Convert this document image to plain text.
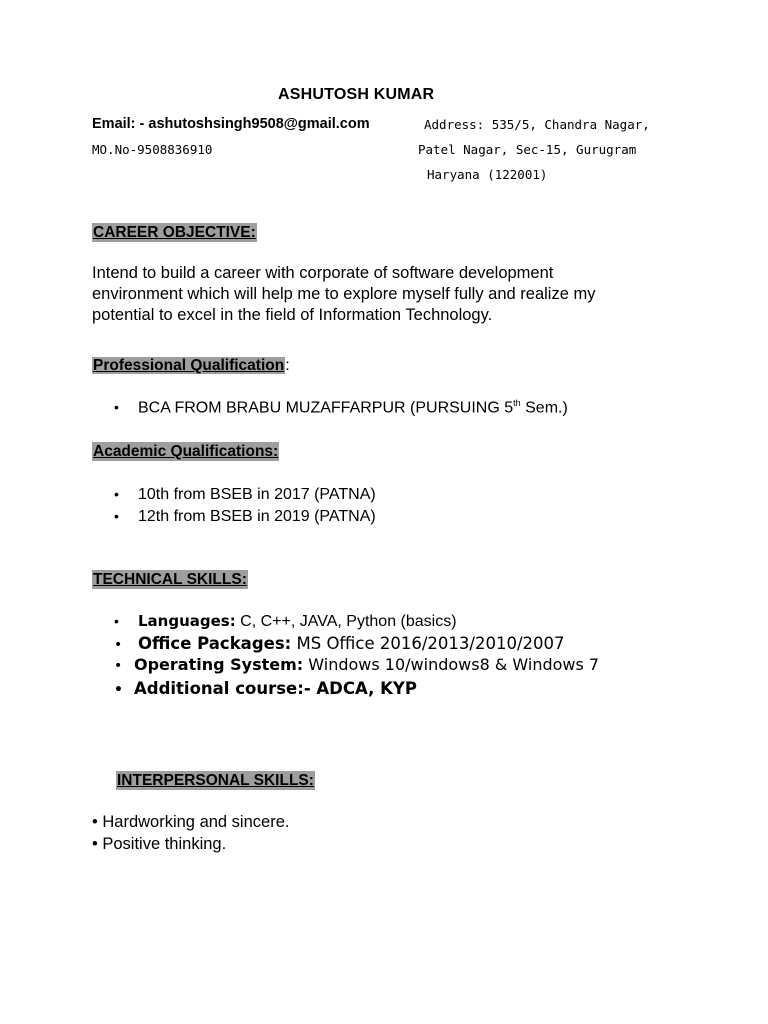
ASHUTOSH KUMAR
Email: - ashutoshsingh9508@gmail.com
MO.No-9508836910
Address: 535/5, Chandra Nagar,
Patel Nagar, Sec-15, Gurugram
Haryana (122001)
CAREER OBJECTIVE:
Intend to build a career with corporate of software development
environment which will help me to explore myself fully and realize my
potential to excel in the field of Information Technology.
Professional Qualification:
• BCA FROM BRABU MUZAFFARPUR (PURSUING 5th Sem.)
Academic Qualifications:
• 10th from BSEB in 2017 (PATNA)
• 12th from BSEB in 2019 (PATNA)
TECHNICAL SKILLS:
• Languages: C, C++, JAVA, Python (basics)
• Office Packages: MS Office 2016/2013/2010/2007
• Operating System: Windows 10/windows8 & Windows 7
• Additional course:- ADCA, KYP
INTERPERSONAL SKILLS:
• Hardworking and sincere.
• Positive thinking.
